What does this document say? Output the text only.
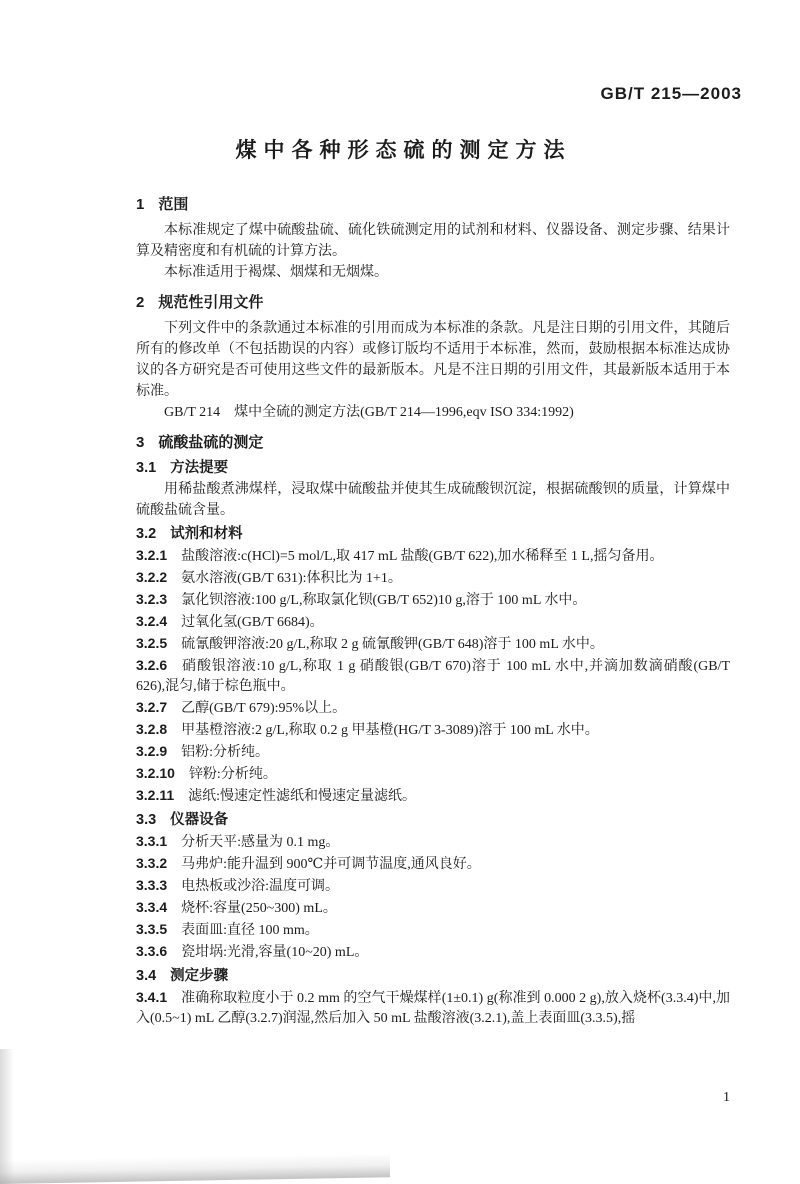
GB/T 215—2003
煤中各种形态硫的测定方法
1 范围

本标准规定了煤中硫酸盐硫、硫化铁硫测定用的试剂和材料、仪器设备、测定步骤、结果计算及精密度和有机硫的计算方法。

本标准适用于褐煤、烟煤和无烟煤。

2 规范性引用文件

下列文件中的条款通过本标准的引用而成为本标准的条款。凡是注日期的引用文件，其随后所有的修改单（不包括勘误的内容）或修订版均不适用于本标准，然而，鼓励根据本标准达成协议的各方研究是否可使用这些文件的最新版本。凡是不注日期的引用文件，其最新版本适用于本标准。

GB/T 214　煤中全硫的测定方法(GB/T 214—1996,eqv ISO 334:1992)

3 硫酸盐硫的测定
3.1 方法提要

用稀盐酸煮沸煤样，浸取煤中硫酸盐并使其生成硫酸钡沉淀，根据硫酸钡的质量，计算煤中硫酸盐硫含量。

3.2 试剂和材料
3.2.1 盐酸溶液:c(HCl)=5 mol/L,取 417 mL 盐酸(GB/T 622),加水稀释至 1 L,摇匀备用。
3.2.2 氨水溶液(GB/T 631):体积比为 1+1。
3.2.3 氯化钡溶液:100 g/L,称取氯化钡(GB/T 652)10 g,溶于 100 mL 水中。
3.2.4 过氧化氢(GB/T 6684)。
3.2.5 硫氰酸钾溶液:20 g/L,称取 2 g 硫氰酸钾(GB/T 648)溶于 100 mL 水中。
3.2.6 硝酸银溶液:10 g/L,称取 1 g 硝酸银(GB/T 670)溶于 100 mL 水中,并滴加数滴硝酸(GB/T 626),混匀,储于棕色瓶中。
3.2.7 乙醇(GB/T 679):95%以上。
3.2.8 甲基橙溶液:2 g/L,称取 0.2 g 甲基橙(HG/T 3-3089)溶于 100 mL 水中。
3.2.9 铝粉:分析纯。
3.2.10 锌粉:分析纯。
3.2.11 滤纸:慢速定性滤纸和慢速定量滤纸。
3.3 仪器设备
3.3.1 分析天平:感量为 0.1 mg。
3.3.2 马弗炉:能升温到 900℃并可调节温度,通风良好。
3.3.3 电热板或沙浴:温度可调。
3.3.4 烧杯:容量(250~300) mL。
3.3.5 表面皿:直径 100 mm。
3.3.6 瓷坩埚:光滑,容量(10~20) mL。
3.4 测定步骤
3.4.1 准确称取粒度小于 0.2 mm 的空气干燥煤样(1±0.1) g(称准到 0.000 2 g),放入烧杯(3.3.4)中,加入(0.5~1) mL 乙醇(3.2.7)润湿,然后加入 50 mL 盐酸溶液(3.2.1),盖上表面皿(3.3.5),摇
1
